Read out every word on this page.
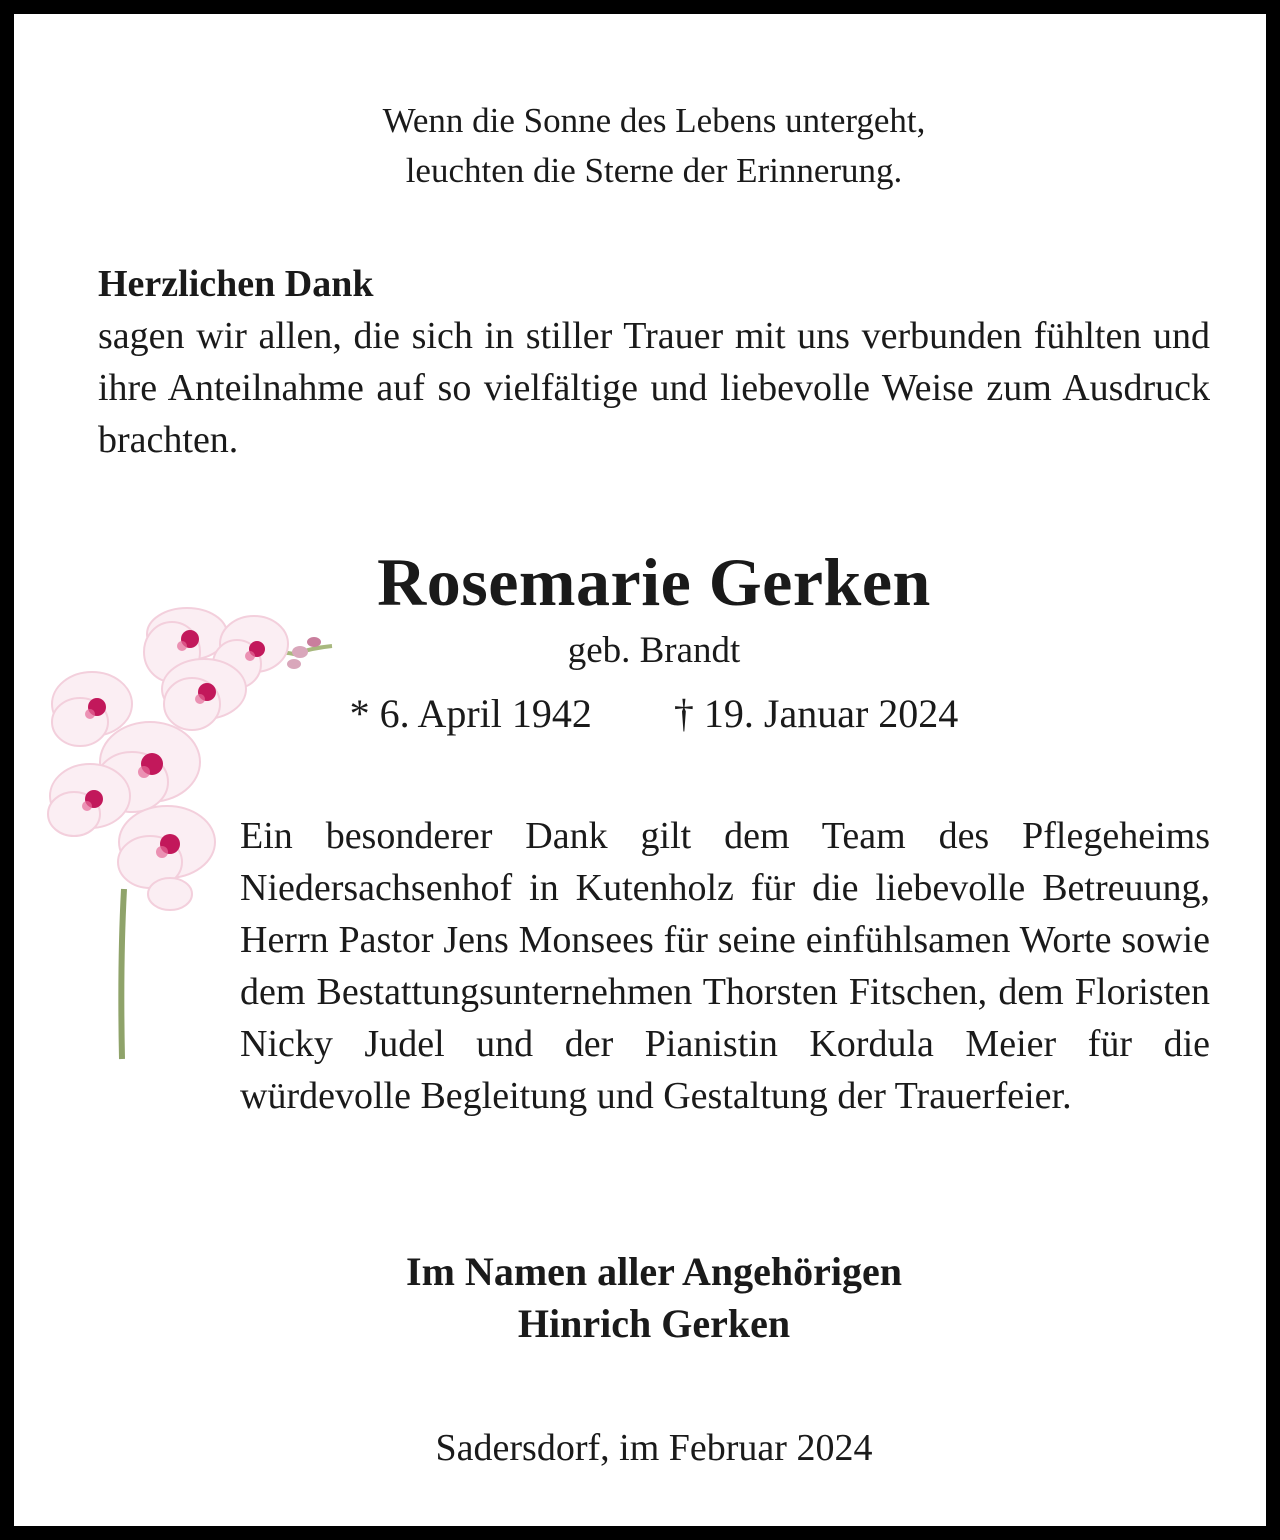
Wenn die Sonne des Lebens untergeht,
leuchten die Sterne der Erinnerung.
Herzlichen Dank
sagen wir allen, die sich in stiller Trauer mit uns verbunden fühlten und ihre Anteilnahme auf so vielfältige und liebevolle Weise zum Ausdruck brachten.
Rosemarie Gerken
geb. Brandt
* 6. April 1942 † 19. Januar 2024
Ein besonderer Dank gilt dem Team des Pflegeheims Niedersachsenhof in Kutenholz für die liebevolle Betreuung, Herrn Pastor Jens Monsees für seine einfühlsamen Worte sowie dem Bestattungsunternehmen Thorsten Fitschen, dem Floristen Nicky Judel und der Pianistin Kordula Meier für die würdevolle Begleitung und Gestaltung der Trauerfeier.
Im Namen aller Angehörigen
Hinrich Gerken
Sadersdorf, im Februar 2024
